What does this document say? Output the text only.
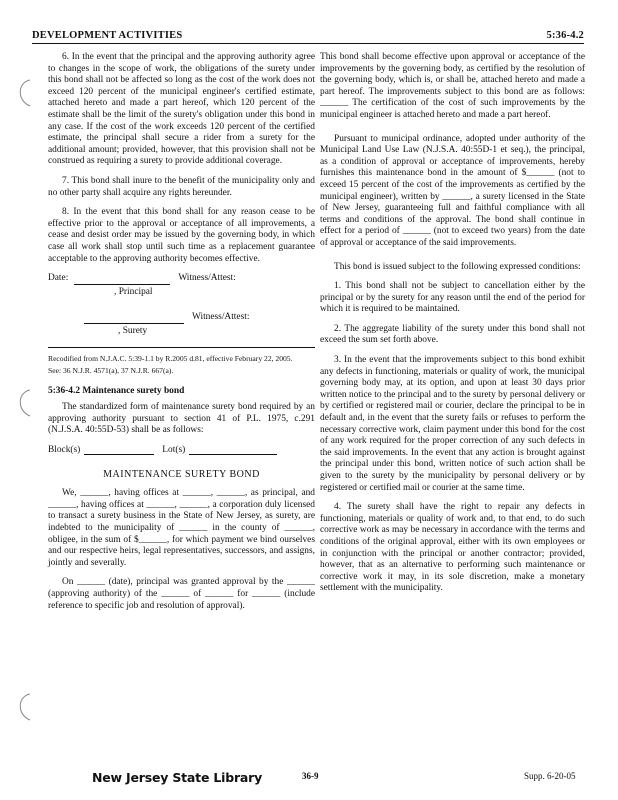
DEVELOPMENT ACTIVITIES	5:36-4.2

6. In the event that the principal and the approving authority agree to changes in the scope of work, the obligations of the surety under this bond shall not be affected so long as the cost of the work does not exceed 120 percent of the municipal engineer's certified estimate, attached hereto and made a part hereof, which 120 percent of the estimate shall be the limit of the surety's obligation under this bond in any case. If the cost of the work exceeds 120 percent of the certified estimate, the principal shall secure a rider from a surety for the additional amount; provided, however, that this provision shall not be construed as requiring a surety to provide additional coverage.

7. This bond shall inure to the benefit of the municipality only and no other party shall acquire any rights hereunder.

8. In the event that this bond shall for any reason cease to be effective prior to the approval or acceptance of all improvements, a cease and desist order may be issued by the governing body, in which case all work shall stop until such time as a replacement guarantee acceptable to the approving authority becomes effective.

Date:	Witness/Attest:
, Principal
Witness/Attest:
, Surety

Recodified from N.J.A.C. 5:39-1.1 by R.2005 d.81, effective February 22, 2005.

See: 36 N.J.R. 4571(a), 37 N.J.R. 667(a).

5:36-4.2 Maintenance surety bond

The standardized form of maintenance surety bond required by an approving authority pursuant to section 41 of P.L. 1975, c.291 (N.J.S.A. 40:55D-53) shall be as follows:

Block(s)	Lot(s)
MAINTENANCE SURETY BOND

We, ______, having offices at ______, ______, as principal, and ______, having offices at ______, ______, a corporation duly licensed to transact a surety business in the State of New Jersey, as surety, are indebted to the municipality of ______ in the county of ______, obligee, in the sum of $______, for which payment we bind ourselves and our respective heirs, legal representatives, successors, and assigns, jointly and severally.

On ______ (date), principal was granted approval by the ______ (approving authority) of the ______ of ______ for ______ (include reference to specific job and resolution of approval).

This bond shall become effective upon approval or acceptance of the improvements by the governing body, as certified by the resolution of the governing body, which is, or shall be, attached hereto and made a part hereof. The improvements subject to this bond are as follows: ______ The certification of the cost of such improvements by the municipal engineer is attached hereto and made a part hereof.

Pursuant to municipal ordinance, adopted under authority of the Municipal Land Use Law (N.J.S.A. 40:55D-1 et seq.), the principal, as a condition of approval or acceptance of improvements, hereby furnishes this maintenance bond in the amount of $______ (not to exceed 15 percent of the cost of the improvements as certified by the municipal engineer), written by ______, a surety licensed in the State of New Jersey, guaranteeing full and faithful compliance with all terms and conditions of the approval. The bond shall continue in effect for a period of ______ (not to exceed two years) from the date of approval or acceptance of the said improvements.

This bond is issued subject to the following expressed conditions:

1. This bond shall not be subject to cancellation either by the principal or by the surety for any reason until the end of the period for which it is required to be maintained.

2. The aggregate liability of the surety under this bond shall not exceed the sum set forth above.

3. In the event that the improvements subject to this bond exhibit any defects in functioning, materials or quality of work, the municipal governing body may, at its option, and upon at least 30 days prior written notice to the principal and to the surety by personal delivery or by certified or registered mail or courier, declare the principal to be in default and, in the event that the surety fails or refuses to perform the necessary corrective work, claim payment under this bond for the cost of any work required for the proper correction of any such defects in the said improvements. In the event that any action is brought against the principal under this bond, written notice of such action shall be given to the surety by the municipality by personal delivery or by registered or certified mail or courier at the same time.

4. The surety shall have the right to repair any defects in functioning, materials or quality of work and, to that end, to do such corrective work as may be necessary in accordance with the terms and conditions of the original approval, either with its own employees or in conjunction with the principal or another contractor; provided, however, that as an alternative to performing such maintenance or corrective work it may, in its sole discretion, make a monetary settlement with the municipality.

New Jersey State Library	36-9	Supp. 6-20-05
